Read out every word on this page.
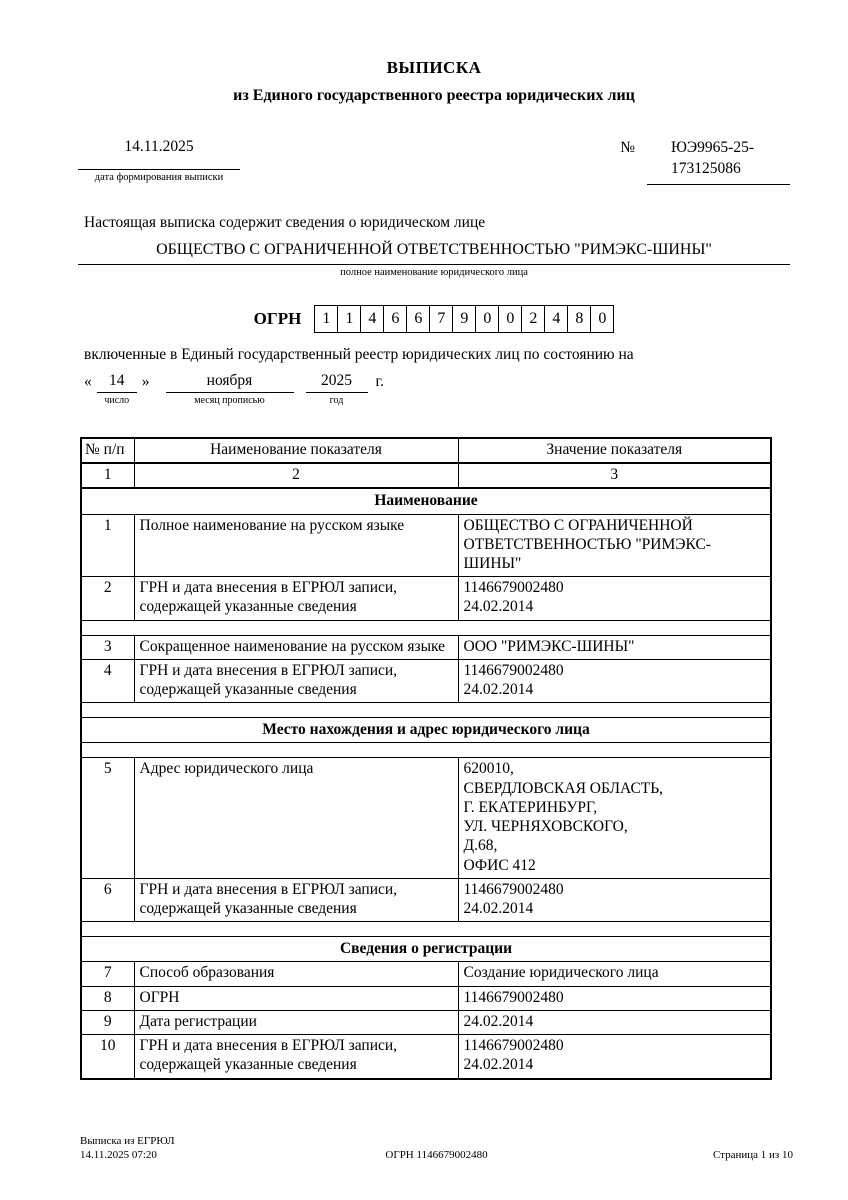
ВЫПИСКА
из Единого государственного реестра юридических лиц
14.11.2025
дата формирования выписки
№ ЮЭ9965-25-
173125086
Настоящая выписка содержит сведения о юридическом лице
ОБЩЕСТВО С ОГРАНИЧЕННОЙ ОТВЕТСТВЕННОСТЬЮ "РИМЭКС-ШИНЫ"
полное наименование юридического лица
ОГРН	1 1 4 6 6 7 9 0 0 2 4 8 0
включенные в Единый государственный реестр юридических лиц по состоянию на
«	14
число
»	ноября
месяц прописью
2025
год
г.
№ п/п	Наименование показателя	Значение показателя
1	2	3
Наименование		
1	Полное наименование на русском языке	ОБЩЕСТВО С ОГРАНИЧЕННОЙ
ОТВЕТСТВЕННОСТЬЮ "РИМЭКС-
ШИНЫ"
2	ГРН и дата внесения в ЕГРЮЛ записи, содержащей указанные сведения	1146679002480
24.02.2014

3	Сокращенное наименование на русском языке	ООО "РИМЭКС-ШИНЫ"
4	ГРН и дата внесения в ЕГРЮЛ записи, содержащей указанные сведения	1146679002480
24.02.2014

Место нахождения и адрес юридического лица		

5	Адрес юридического лица	620010,
СВЕРДЛОВСКАЯ ОБЛАСТЬ,
Г. ЕКАТЕРИНБУРГ,
УЛ. ЧЕРНЯХОВСКОГО,
Д.68,
ОФИС 412
6	ГРН и дата внесения в ЕГРЮЛ записи, содержащей указанные сведения	1146679002480
24.02.2014

Сведения о регистрации		
7	Способ образования	Создание юридического лица
8	ОГРН	1146679002480
9	Дата регистрации	24.02.2014
10	ГРН и дата внесения в ЕГРЮЛ записи, содержащей указанные сведения	1146679002480
24.02.2014
Выписка из ЕГРЮЛ
14.11.2025 07:20	ОГРН 1146679002480	Страница 1 из 10
